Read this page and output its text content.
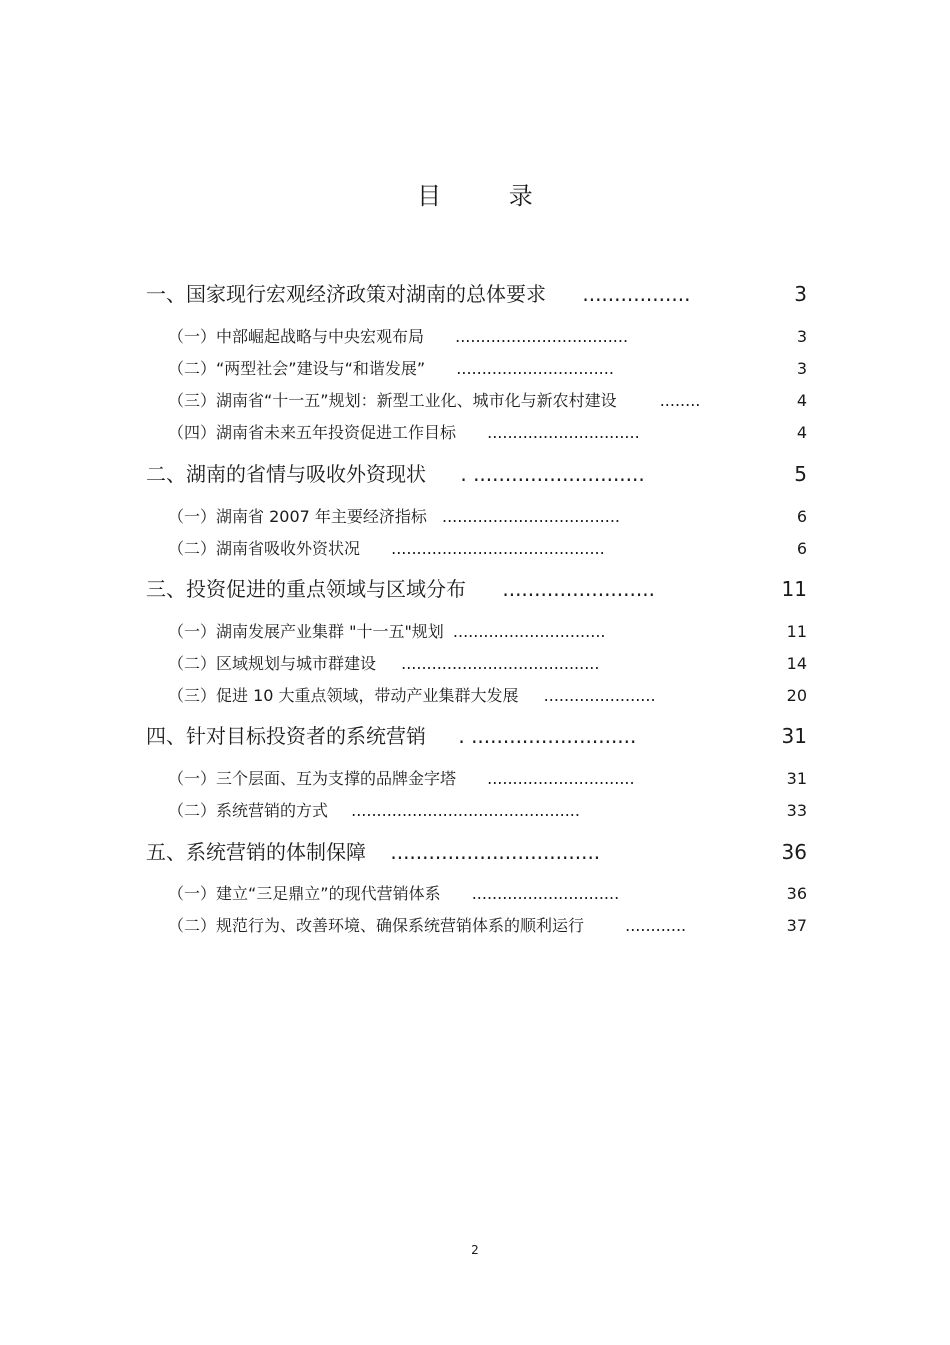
目 录
一、国家现行宏观经济政策对湖南的总体要求 .................	3
（一）中部崛起战略与中央宏观布局 ..................................	3
（二）“两型社会”建设与“和谐发展” ...............................	3
（三）湖南省“十一五”规划：新型工业化、城市化与新农村建设	........	4
（四）湖南省未来五年投资促进工作目标 ..............................	4
二、湖南的省情与吸收外资现状 . ...........................	5
（一）湖南省 2007 年主要经济指标 ...................................	6
（二）湖南省吸收外资状况 ..........................................	6
三、投资促进的重点领域与区域分布 ........................	11
（一）湖南发展产业集群 "十一五"规划 ..............................	11
（二）区域规划与城市群建设 .......................................	14
（三）促进 10 大重点领域，带动产业集群大发展 ......................	20
四、针对目标投资者的系统营销 . ..........................	31
（一）三个层面、互为支撑的品牌金字塔 .............................	31
（二）系统营销的方式 .............................................	33
五、系统营销的体制保障 .................................	36
（一）建立“三足鼎立”的现代营销体系 .............................	36
（二）规范行为、改善环境、确保系统营销体系的顺利运行	............	37
2
